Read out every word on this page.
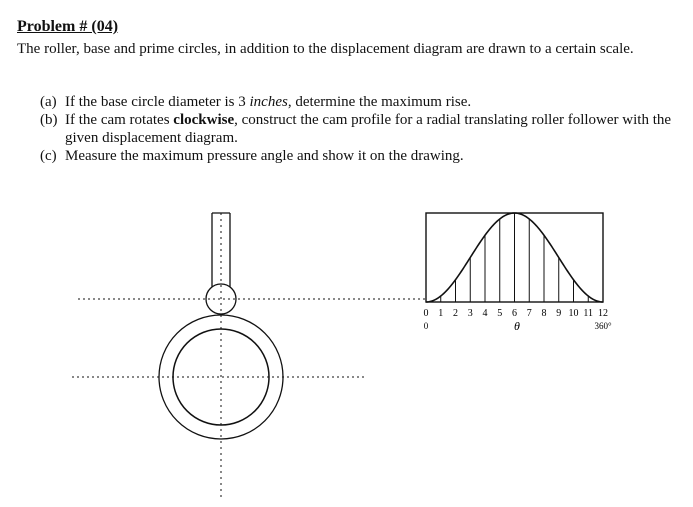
Problem # (04)
The roller, base and prime circles, in addition to the displacement diagram are drawn to a certain scale.
(a) If the base circle diameter is 3 inches, determine the maximum rise.
(b) If the cam rotates clockwise, construct the cam profile for a radial translating roller follower with the given displacement diagram.
(c) Measure the maximum pressure angle and show it on the drawing.
0 1 2 3 4 5 6 7 8 9 10 11 12
0	θ	360°
